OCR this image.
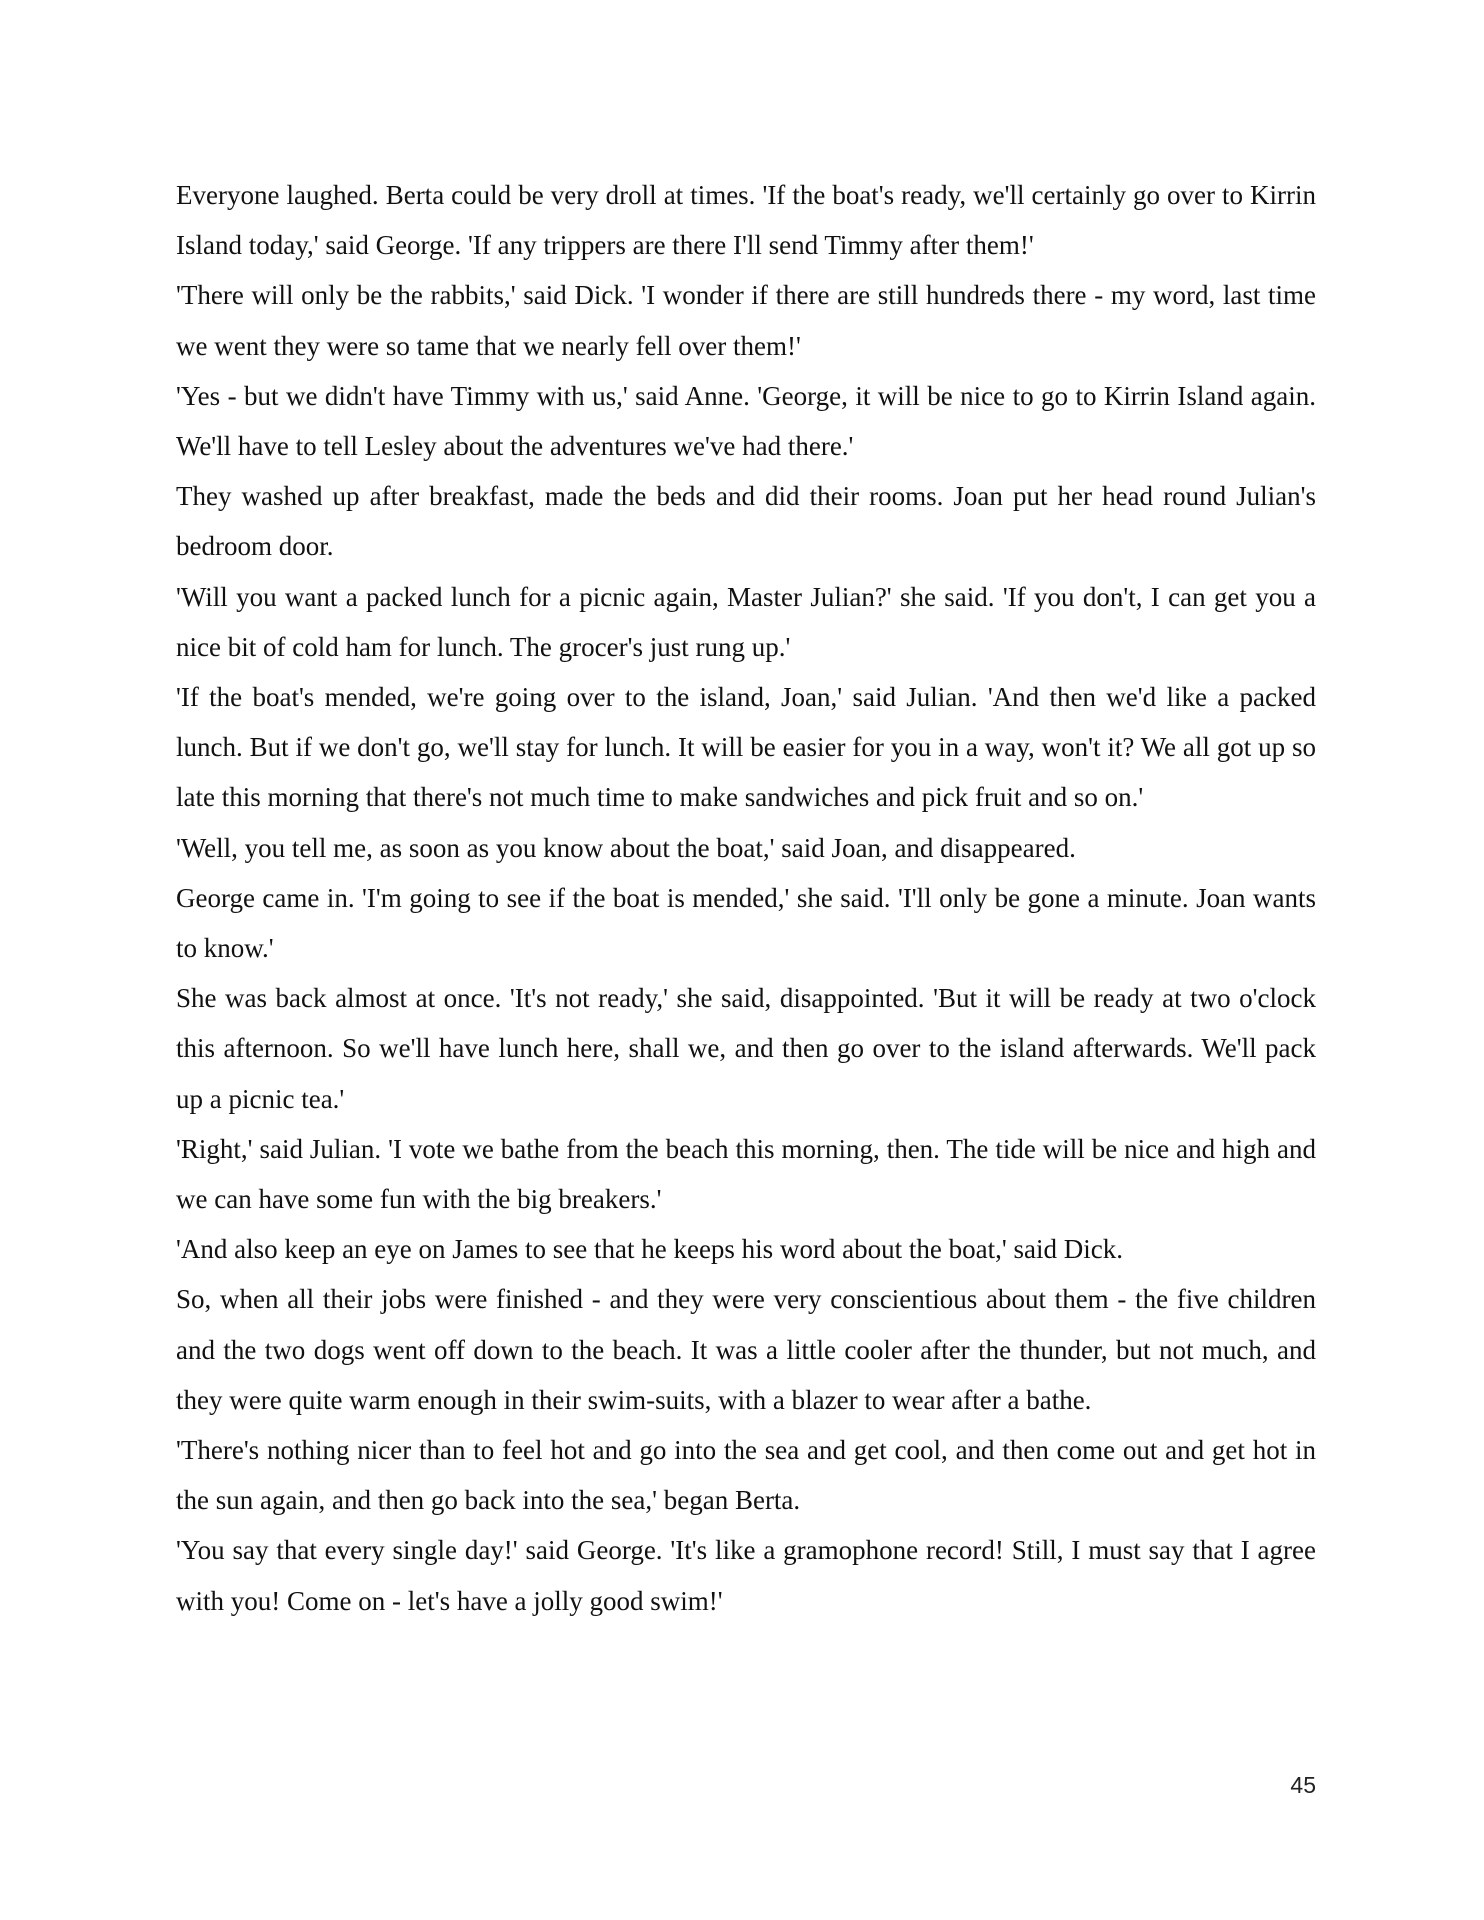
Everyone laughed. Berta could be very droll at times. 'If the boat's ready, we'll certainly go over to Kirrin Island today,' said George. 'If any trippers are there I'll send Timmy after them!'

'There will only be the rabbits,' said Dick. 'I wonder if there are still hundreds there - my word, last time we went they were so tame that we nearly fell over them!'

'Yes - but we didn't have Timmy with us,' said Anne. 'George, it will be nice to go to Kirrin Island again. We'll have to tell Lesley about the adventures we've had there.'

They washed up after breakfast, made the beds and did their rooms. Joan put her head round Julian's bedroom door.

'Will you want a packed lunch for a picnic again, Master Julian?' she said. 'If you don't, I can get you a nice bit of cold ham for lunch. The grocer's just rung up.'

'If the boat's mended, we're going over to the island, Joan,' said Julian. 'And then we'd like a packed lunch. But if we don't go, we'll stay for lunch. It will be easier for you in a way, won't it? We all got up so late this morning that there's not much time to make sandwiches and pick fruit and so on.'

'Well, you tell me, as soon as you know about the boat,' said Joan, and disappeared.

George came in. 'I'm going to see if the boat is mended,' she said. 'I'll only be gone a minute. Joan wants to know.'

She was back almost at once. 'It's not ready,' she said, disappointed. 'But it will be ready at two o'clock this afternoon. So we'll have lunch here, shall we, and then go over to the island afterwards. We'll pack up a picnic tea.'

'Right,' said Julian. 'I vote we bathe from the beach this morning, then. The tide will be nice and high and we can have some fun with the big breakers.'

'And also keep an eye on James to see that he keeps his word about the boat,' said Dick.

So, when all their jobs were finished - and they were very conscientious about them - the five children and the two dogs went off down to the beach. It was a little cooler after the thunder, but not much, and they were quite warm enough in their swim-suits, with a blazer to wear after a bathe.

'There's nothing nicer than to feel hot and go into the sea and get cool, and then come out and get hot in the sun again, and then go back into the sea,' began Berta.

'You say that every single day!' said George. 'It's like a gramophone record! Still, I must say that I agree with you! Come on - let's have a jolly good swim!'

45
